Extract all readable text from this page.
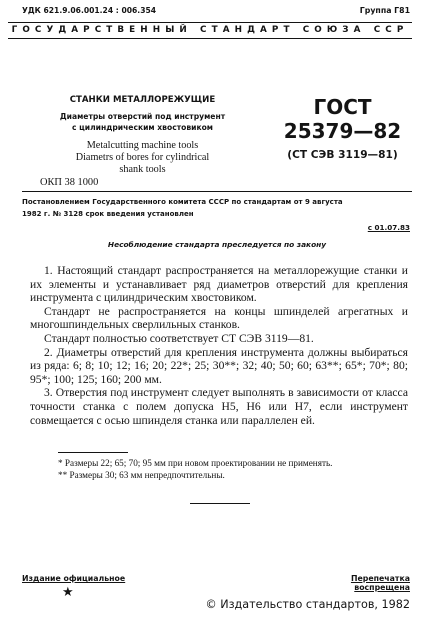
УДК 621.9.06.001.24 : 006.354	Группа Г81
ГОСУДАРСТВЕННЫЙ СТАНДАРТ СОЮЗА ССР
СТАНКИ МЕТАЛЛОРЕЖУЩИЕ
Диаметры отверстий под инструмент
с цилиндрическим хвостовиком
Metalcutting machine tools
Diametrs of bores for cylindrical
shank tools
ГОСТ
25379—82
(СТ СЭВ 3119—81)
ОКП 38 1000
Постановлением Государственного комитета СССР по стандартам от 9 августа
1982 г. № 3128 срок введения установлен
с 01.07.83
Несоблюдение стандарта преследуется по закону

1. Настоящий стандарт распространяется на металлорежущие станки и их элементы и устанавливает ряд диаметров отверстий для крепления инструмента с цилиндрическим хвостовиком.

Стандарт не распространяется на концы шпинделей агрегатных и многошпиндельных сверлильных станков.

Стандарт полностью соответствует СТ СЭВ 3119—81.

2. Диаметры отверстий для крепления инструмента должны выбираться из ряда: 6; 8; 10; 12; 16; 20; 22*; 25; 30**; 32; 40; 50; 60; 63**; 65*; 70*; 80; 95*; 100; 125; 160; 200 мм.

3. Отверстия под инструмент следует выполнять в зависимости от класса точности станка с полем допуска Н5, Н6 или Н7, если инструмент совмещается с осью шпинделя станка или параллелен ей.

* Размеры 22; 65; 70; 95 мм при новом проектировании не применять.
** Размеры 30; 63 мм непредпочтительны.
Издание официальное
★
Перепечатка воспрещена
© Издательство стандартов, 1982
